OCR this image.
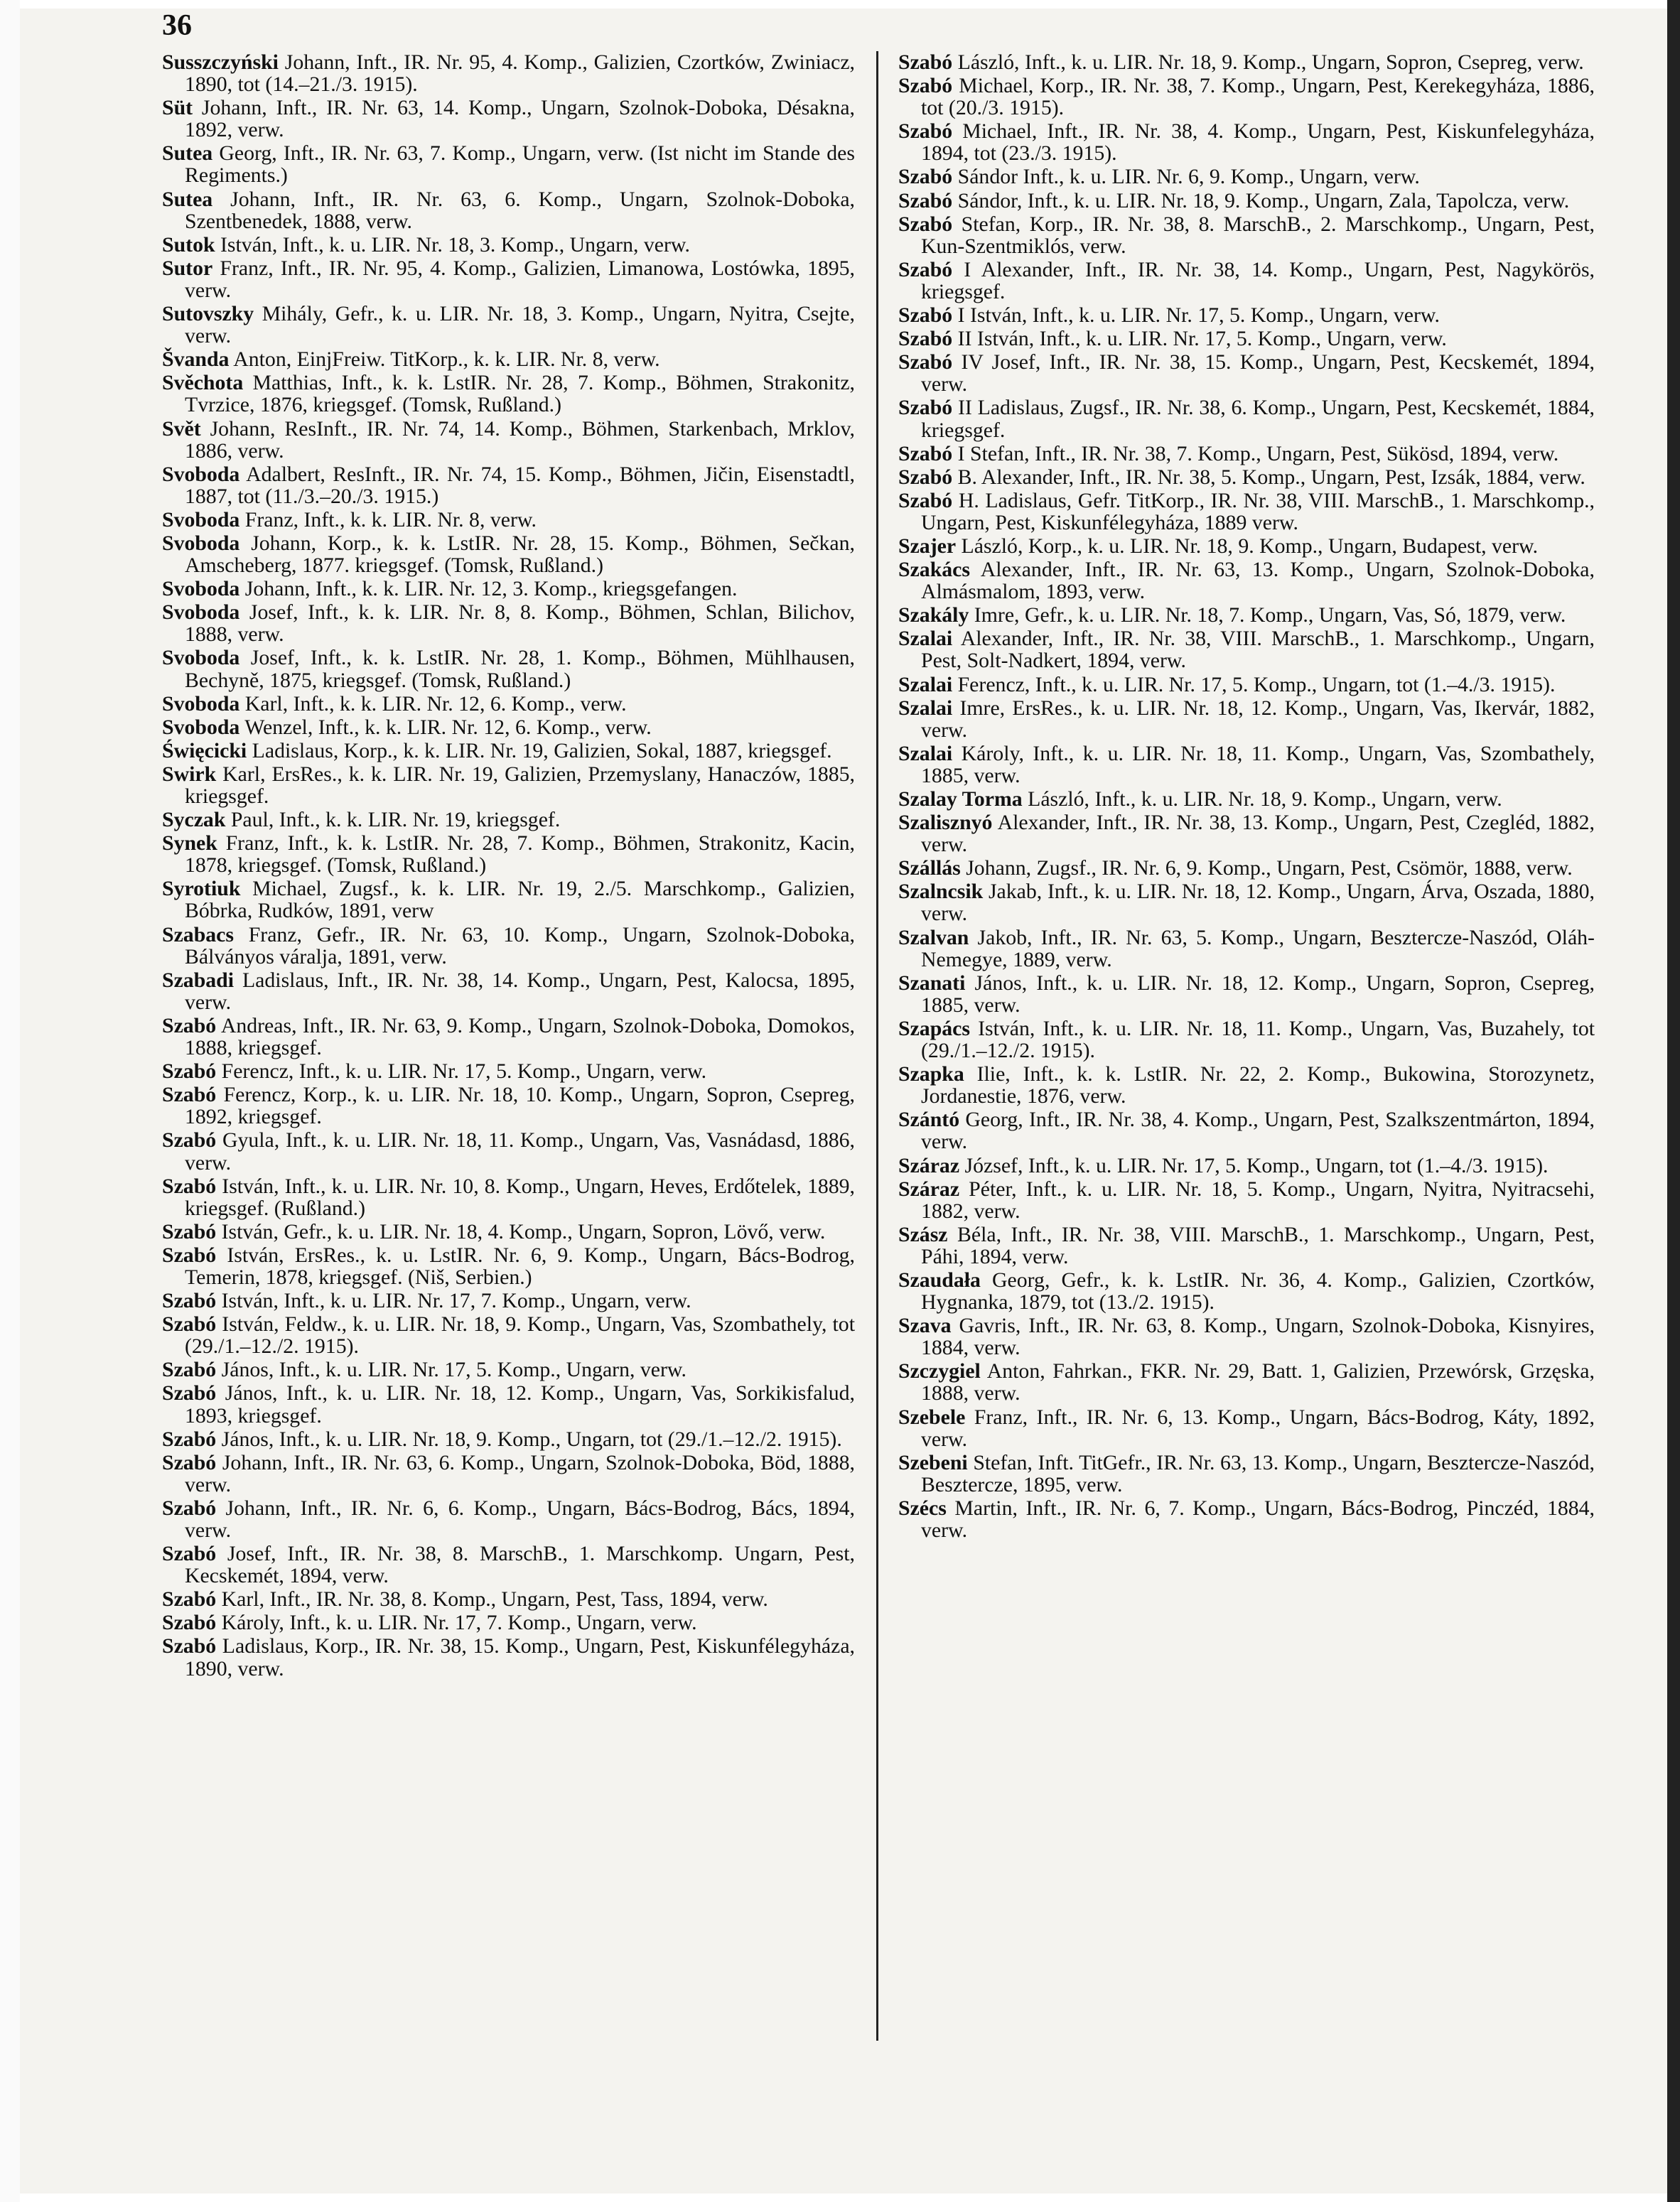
36

Susszczyński Johann, Inft., IR. Nr. 95, 4. Komp., Galizien, Czortków, Zwiniacz, 1890, tot (14.–21./3. 1915).

Süt Johann, Inft., IR. Nr. 63, 14. Komp., Ungarn, Szolnok-Doboka, Désakna, 1892, verw.

Sutea Georg, Inft., IR. Nr. 63, 7. Komp., Ungarn, verw. (Ist nicht im Stande des Regiments.)

Sutea Johann, Inft., IR. Nr. 63, 6. Komp., Ungarn, Szolnok-Doboka, Szentbenedek, 1888, verw.

Sutok István, Inft., k. u. LIR. Nr. 18, 3. Komp., Ungarn, verw.

Sutor Franz, Inft., IR. Nr. 95, 4. Komp., Galizien, Limanowa, Lostówka, 1895, verw.

Sutovszky Mihály, Gefr., k. u. LIR. Nr. 18, 3. Komp., Ungarn, Nyitra, Csejte, verw.

Švanda Anton, EinjFreiw. TitKorp., k. k. LIR. Nr. 8, verw.

Svěchota Matthias, Inft., k. k. LstIR. Nr. 28, 7. Komp., Böhmen, Strakonitz, Tvrzice, 1876, kriegsgef. (Tomsk, Rußland.)

Svět Johann, ResInft., IR. Nr. 74, 14. Komp., Böhmen, Starkenbach, Mrklov, 1886, verw.

Svoboda Adalbert, ResInft., IR. Nr. 74, 15. Komp., Böhmen, Jičin, Eisenstadtl, 1887, tot (11./3.–20./3. 1915.)

Svoboda Franz, Inft., k. k. LIR. Nr. 8, verw.

Svoboda Johann, Korp., k. k. LstIR. Nr. 28, 15. Komp., Böhmen, Sečkan, Amscheberg, 1877. kriegsgef. (Tomsk, Rußland.)

Svoboda Johann, Inft., k. k. LIR. Nr. 12, 3. Komp., kriegsgefangen.

Svoboda Josef, Inft., k. k. LIR. Nr. 8, 8. Komp., Böhmen, Schlan, Bilichov, 1888, verw.

Svoboda Josef, Inft., k. k. LstIR. Nr. 28, 1. Komp., Böhmen, Mühlhausen, Bechyně, 1875, kriegsgef. (Tomsk, Rußland.)

Svoboda Karl, Inft., k. k. LIR. Nr. 12, 6. Komp., verw.

Svoboda Wenzel, Inft., k. k. LIR. Nr. 12, 6. Komp., verw.

Święcicki Ladislaus, Korp., k. k. LIR. Nr. 19, Galizien, Sokal, 1887, kriegsgef.

Swirk Karl, ErsRes., k. k. LIR. Nr. 19, Galizien, Przemyslany, Hanaczów, 1885, kriegsgef.

Syczak Paul, Inft., k. k. LIR. Nr. 19, kriegsgef.

Synek Franz, Inft., k. k. LstIR. Nr. 28, 7. Komp., Böhmen, Strakonitz, Kacin, 1878, kriegsgef. (Tomsk, Rußland.)

Syrotiuk Michael, Zugsf., k. k. LIR. Nr. 19, 2./5. Marschkomp., Galizien, Bóbrka, Rudków, 1891, verw

Szabacs Franz, Gefr., IR. Nr. 63, 10. Komp., Ungarn, Szolnok-Doboka, Bálványos váralja, 1891, verw.

Szabadi Ladislaus, Inft., IR. Nr. 38, 14. Komp., Ungarn, Pest, Kalocsa, 1895, verw.

Szabó Andreas, Inft., IR. Nr. 63, 9. Komp., Ungarn, Szolnok-Doboka, Domokos, 1888, kriegsgef.

Szabó Ferencz, Inft., k. u. LIR. Nr. 17, 5. Komp., Ungarn, verw.

Szabó Ferencz, Korp., k. u. LIR. Nr. 18, 10. Komp., Ungarn, Sopron, Csepreg, 1892, kriegsgef.

Szabó Gyula, Inft., k. u. LIR. Nr. 18, 11. Komp., Ungarn, Vas, Vasnádasd, 1886, verw.

Szabó István, Inft., k. u. LIR. Nr. 10, 8. Komp., Ungarn, Heves, Erdőtelek, 1889, kriegsgef. (Rußland.)

Szabó István, Gefr., k. u. LIR. Nr. 18, 4. Komp., Ungarn, Sopron, Lövő, verw.

Szabó István, ErsRes., k. u. LstIR. Nr. 6, 9. Komp., Ungarn, Bács-Bodrog, Temerin, 1878, kriegsgef. (Niš, Serbien.)

Szabó István, Inft., k. u. LIR. Nr. 17, 7. Komp., Ungarn, verw.

Szabó István, Feldw., k. u. LIR. Nr. 18, 9. Komp., Ungarn, Vas, Szombathely, tot (29./1.–12./2. 1915).

Szabó János, Inft., k. u. LIR. Nr. 17, 5. Komp., Ungarn, verw.

Szabó János, Inft., k. u. LIR. Nr. 18, 12. Komp., Ungarn, Vas, Sorkikisfalud, 1893, kriegsgef.

Szabó János, Inft., k. u. LIR. Nr. 18, 9. Komp., Ungarn, tot (29./1.–12./2. 1915).

Szabó Johann, Inft., IR. Nr. 63, 6. Komp., Ungarn, Szolnok-Doboka, Böd, 1888, verw.

Szabó Johann, Inft., IR. Nr. 6, 6. Komp., Ungarn, Bács-Bodrog, Bács, 1894, verw.

Szabó Josef, Inft., IR. Nr. 38, 8. MarschB., 1. Marschkomp. Ungarn, Pest, Kecskemét, 1894, verw.

Szabó Karl, Inft., IR. Nr. 38, 8. Komp., Ungarn, Pest, Tass, 1894, verw.

Szabó Károly, Inft., k. u. LIR. Nr. 17, 7. Komp., Ungarn, verw.

Szabó Ladislaus, Korp., IR. Nr. 38, 15. Komp., Ungarn, Pest, Kiskunfélegyháza, 1890, verw.

Szabó László, Inft., k. u. LIR. Nr. 18, 9. Komp., Ungarn, Sopron, Csepreg, verw.

Szabó Michael, Korp., IR. Nr. 38, 7. Komp., Ungarn, Pest, Kerekegyháza, 1886, tot (20./3. 1915).

Szabó Michael, Inft., IR. Nr. 38, 4. Komp., Ungarn, Pest, Kiskunfelegyháza, 1894, tot (23./3. 1915).

Szabó Sándor Inft., k. u. LIR. Nr. 6, 9. Komp., Ungarn, verw.

Szabó Sándor, Inft., k. u. LIR. Nr. 18, 9. Komp., Ungarn, Zala, Tapolcza, verw.

Szabó Stefan, Korp., IR. Nr. 38, 8. MarschB., 2. Marschkomp., Ungarn, Pest, Kun-Szentmiklós, verw.

Szabó I Alexander, Inft., IR. Nr. 38, 14. Komp., Ungarn, Pest, Nagykörös, kriegsgef.

Szabó I István, Inft., k. u. LIR. Nr. 17, 5. Komp., Ungarn, verw.

Szabó II István, Inft., k. u. LIR. Nr. 17, 5. Komp., Ungarn, verw.

Szabó IV Josef, Inft., IR. Nr. 38, 15. Komp., Ungarn, Pest, Kecskemét, 1894, verw.

Szabó II Ladislaus, Zugsf., IR. Nr. 38, 6. Komp., Ungarn, Pest, Kecskemét, 1884, kriegsgef.

Szabó I Stefan, Inft., IR. Nr. 38, 7. Komp., Ungarn, Pest, Sükösd, 1894, verw.

Szabó B. Alexander, Inft., IR. Nr. 38, 5. Komp., Ungarn, Pest, Izsák, 1884, verw.

Szabó H. Ladislaus, Gefr. TitKorp., IR. Nr. 38, VIII. MarschB., 1. Marschkomp., Ungarn, Pest, Kiskunfélegyháza, 1889 verw.

Szajer László, Korp., k. u. LIR. Nr. 18, 9. Komp., Ungarn, Budapest, verw.

Szakács Alexander, Inft., IR. Nr. 63, 13. Komp., Ungarn, Szolnok-Doboka, Almásmalom, 1893, verw.

Szakály Imre, Gefr., k. u. LIR. Nr. 18, 7. Komp., Ungarn, Vas, Só, 1879, verw.

Szalai Alexander, Inft., IR. Nr. 38, VIII. MarschB., 1. Marschkomp., Ungarn, Pest, Solt-Nadkert, 1894, verw.

Szalai Ferencz, Inft., k. u. LIR. Nr. 17, 5. Komp., Ungarn, tot (1.–4./3. 1915).

Szalai Imre, ErsRes., k. u. LIR. Nr. 18, 12. Komp., Ungarn, Vas, Ikervár, 1882, verw.

Szalai Károly, Inft., k. u. LIR. Nr. 18, 11. Komp., Ungarn, Vas, Szombathely, 1885, verw.

Szalay Torma László, Inft., k. u. LIR. Nr. 18, 9. Komp., Ungarn, verw.

Szalisznyó Alexander, Inft., IR. Nr. 38, 13. Komp., Ungarn, Pest, Czegléd, 1882, verw.

Szállás Johann, Zugsf., IR. Nr. 6, 9. Komp., Ungarn, Pest, Csömör, 1888, verw.

Szalncsik Jakab, Inft., k. u. LIR. Nr. 18, 12. Komp., Ungarn, Árva, Oszada, 1880, verw.

Szalvan Jakob, Inft., IR. Nr. 63, 5. Komp., Ungarn, Besztercze-Naszód, Oláh-Nemegye, 1889, verw.

Szanati János, Inft., k. u. LIR. Nr. 18, 12. Komp., Ungarn, Sopron, Csepreg, 1885, verw.

Szapács István, Inft., k. u. LIR. Nr. 18, 11. Komp., Ungarn, Vas, Buzahely, tot (29./1.–12./2. 1915).

Szapka Ilie, Inft., k. k. LstIR. Nr. 22, 2. Komp., Bukowina, Storozynetz, Jordanestie, 1876, verw.

Szántó Georg, Inft., IR. Nr. 38, 4. Komp., Ungarn, Pest, Szalkszentmárton, 1894, verw.

Száraz József, Inft., k. u. LIR. Nr. 17, 5. Komp., Ungarn, tot (1.–4./3. 1915).

Száraz Péter, Inft., k. u. LIR. Nr. 18, 5. Komp., Ungarn, Nyitra, Nyitracsehi, 1882, verw.

Szász Béla, Inft., IR. Nr. 38, VIII. MarschB., 1. Marschkomp., Ungarn, Pest, Páhi, 1894, verw.

Szaudała Georg, Gefr., k. k. LstIR. Nr. 36, 4. Komp., Galizien, Czortków, Hygnanka, 1879, tot (13./2. 1915).

Szava Gavris, Inft., IR. Nr. 63, 8. Komp., Ungarn, Szolnok-Doboka, Kisnyires, 1884, verw.

Szczygiel Anton, Fahrkan., FKR. Nr. 29, Batt. 1, Galizien, Przewórsk, Grzęska, 1888, verw.

Szebele Franz, Inft., IR. Nr. 6, 13. Komp., Ungarn, Bács-Bodrog, Káty, 1892, verw.

Szebeni Stefan, Inft. TitGefr., IR. Nr. 63, 13. Komp., Ungarn, Besztercze-Naszód, Besztercze, 1895, verw.

Szécs Martin, Inft., IR. Nr. 6, 7. Komp., Ungarn, Bács-Bodrog, Pinczéd, 1884, verw.
